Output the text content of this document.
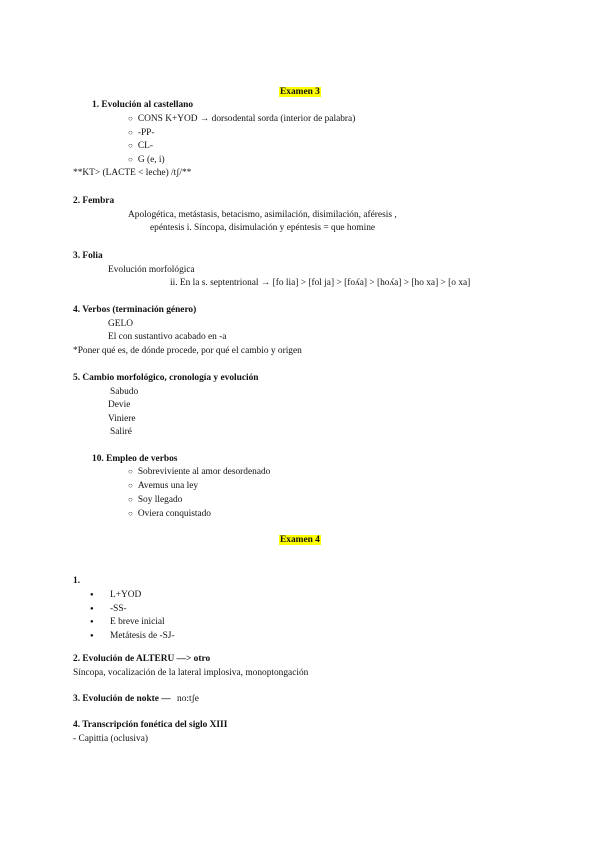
Examen 3
1. Evolución al castellano
○ CONS K+YOD → dorsodental sorda (interior de palabra)
○ -PP-
○ CL-
○ G (e, i)
**KT> (LACTE < leche) /tʃ/**
2. Fembra
Apologética, metástasis, betacismo, asimilación, disimilación, aféresis ,
epéntesis i. Síncopa, disimulación y epéntesis = que homine
3. Folia
Evolución morfológica
ii. En la s. septentrional → [fo lia] > [fol ja] > [foʎa] > [hoʎa] > [ho xa] > [o xa]
4. Verbos (terminación género)
GELO
El con sustantivo acabado en -a
*Poner qué es, de dónde procede, por qué el cambio y origen
5. Cambio morfológico, cronología y evolución
Sabudo
Devie
Viniere
Saliré
10. Empleo de verbos
○ Sobreviviente al amor desordenado
○ Avemus una ley
○ Soy llegado
○ Oviera conquistado
Examen 4
1.
● L+YOD
● -SS-
● E breve inicial
● Metátesis de -SJ-
2. Evolución de ALTERU —> otro
Síncopa, vocalización de la lateral implosiva, monoptongación
3. Evolución de nokte — no:tʃe
4. Transcripción fonética del siglo XIII
- Capittia (oclusiva)
